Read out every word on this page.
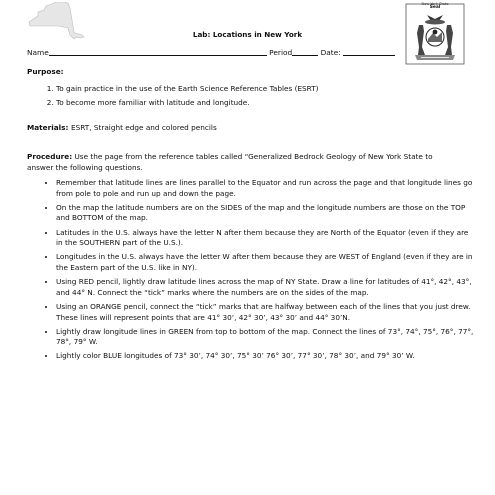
Lab: Locations in New York
New York State
Seal
Name	Period	Date:
Purpose:
1. To gain practice in the use of the Earth Science Reference Tables (ESRT)
2. To become more familiar with latitude and longitude.
Materials: ESRT, Straight edge and colored pencils
Procedure: Use the page from the reference tables called “Generalized Bedrock Geology of New York State to answer the following questions.
• Remember that latitude lines are lines parallel to the Equator and run across the page and that longitude lines go from pole to pole and run up and down the page.
• On the map the latitude numbers are on the SIDES of the map and the longitude numbers are those on the TOP and BOTTOM of the map.
• Latitudes in the U.S. always have the letter N after them because they are North of the Equator (even if they are in the SOUTHERN part of the U.S.).
• Longitudes in the U.S. always have the letter W after them because they are WEST of England (even if they are in the Eastern part of the U.S. like in NY).
• Using RED pencil, lightly draw latitude lines across the map of NY State. Draw a line for latitudes of 41°, 42°, 43°, and 44° N. Connect the “tick” marks where the numbers are on the sides of the map.
• Using an ORANGE pencil, connect the “tick” marks that are halfway between each of the lines that you just drew. These lines will represent points that are 41° 30’, 42° 30’, 43° 30’ and 44° 30’N.
• Lightly draw longitude lines in GREEN from top to bottom of the map. Connect the lines of 73°, 74°, 75°, 76°, 77°, 78°, 79° W.
• Lightly color BLUE longitudes of 73° 30’, 74° 30’, 75° 30’ 76° 30’, 77° 30’, 78° 30’, and 79° 30’ W.
